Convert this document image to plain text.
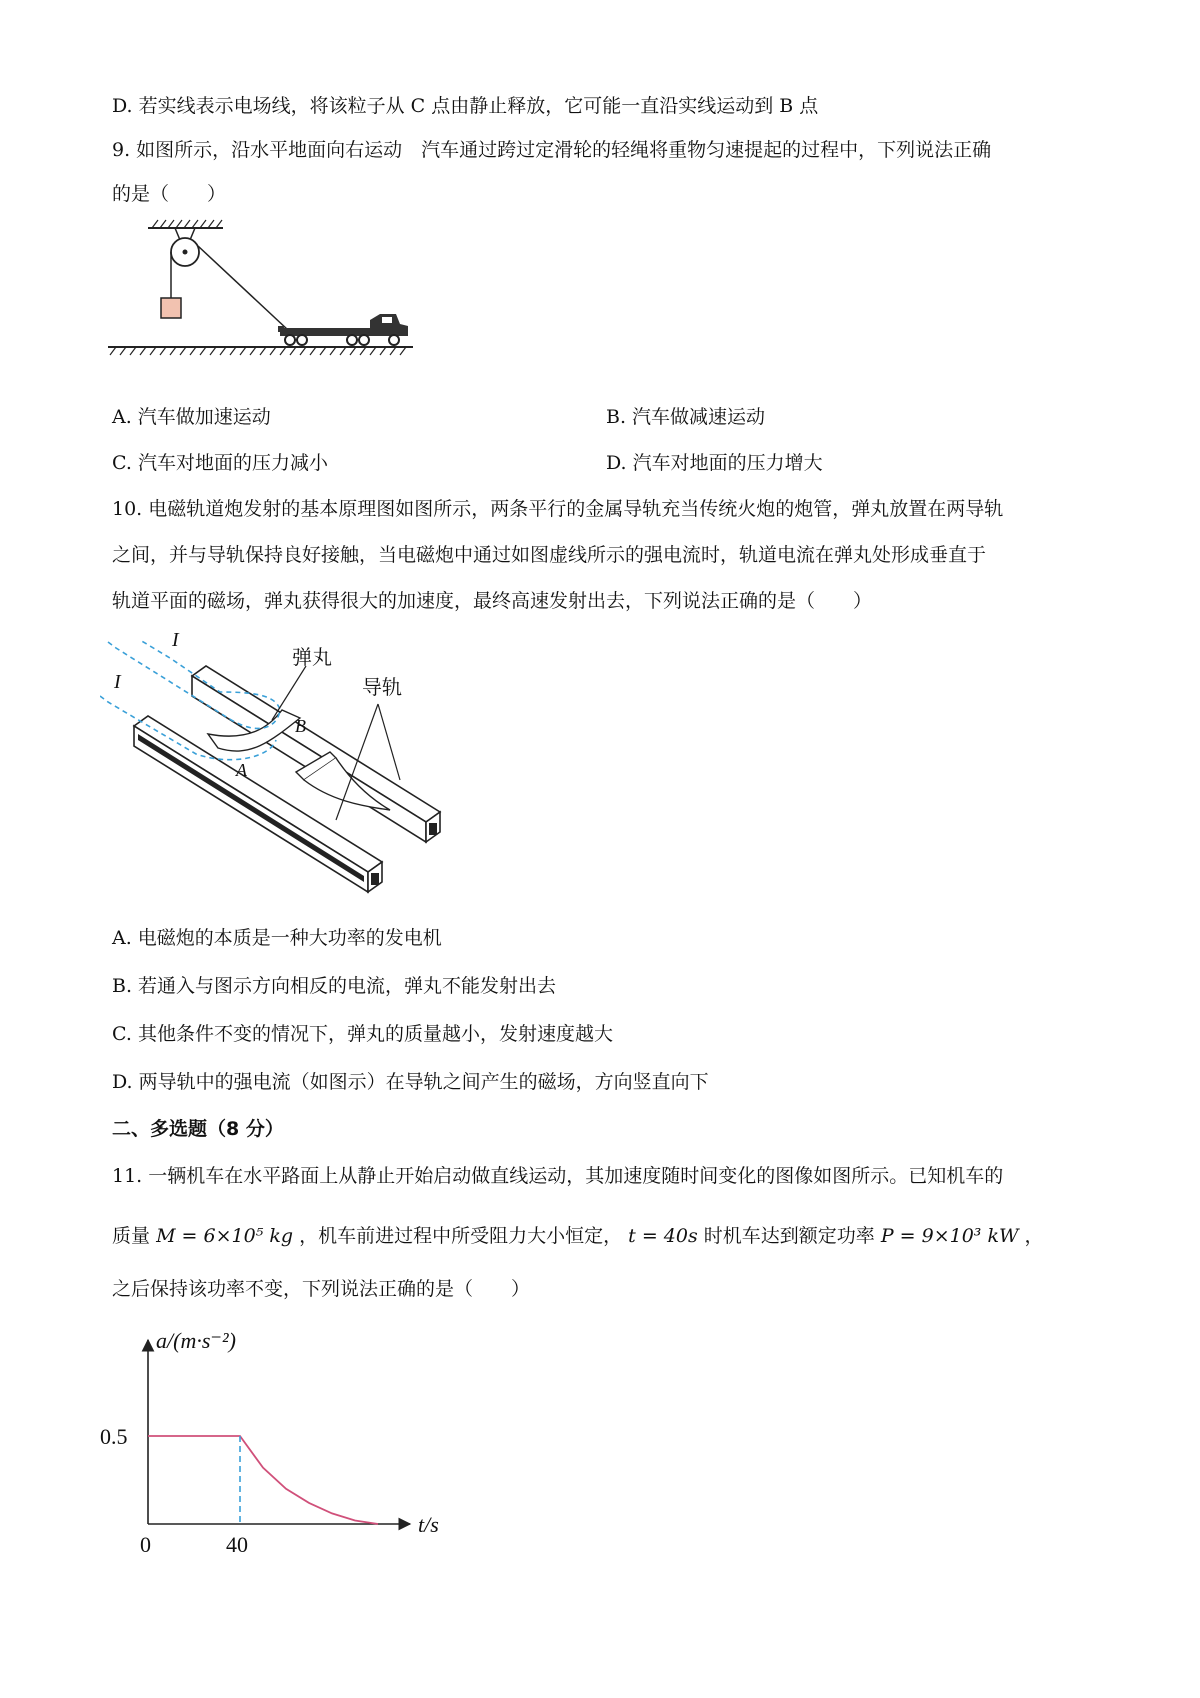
D. 若实线表示电场线，将该粒子从 C 点由静止释放，它可能一直沿实线运动到 B 点
9. 如图所示，沿水平地面向右运动　汽车通过跨过定滑轮的轻绳将重物匀速提起的过程中，下列说法正确
的是（　　）
A. 汽车做加速运动	B. 汽车做减速运动
C. 汽车对地面的压力减小	D. 汽车对地面的压力增大
10. 电磁轨道炮发射的基本原理图如图所示，两条平行的金属导轨充当传统火炮的炮管，弹丸放置在两导轨
之间，并与导轨保持良好接触，当电磁炮中通过如图虚线所示的强电流时，轨道电流在弹丸处形成垂直于
轨道平面的磁场，弹丸获得很大的加速度，最终高速发射出去，下列说法正确的是（　　）
I
I
弹丸
导轨
B
A
A. 电磁炮的本质是一种大功率的发电机
B. 若通入与图示方向相反的电流，弹丸不能发射出去
C. 其他条件不变的情况下，弹丸的质量越小，发射速度越大
D. 两导轨中的强电流（如图示）在导轨之间产生的磁场，方向竖直向下
二、多选题（8 分）
11. 一辆机车在水平路面上从静止开始启动做直线运动，其加速度随时间变化的图像如图所示。已知机车的
质量 M = 6×10⁵ kg ，机车前进过程中所受阻力大小恒定， t = 40s 时机车达到额定功率 P = 9×10³ kW ，
之后保持该功率不变，下列说法正确的是（　　）
a/(m·s⁻²)
t/s
0	40
0.5
